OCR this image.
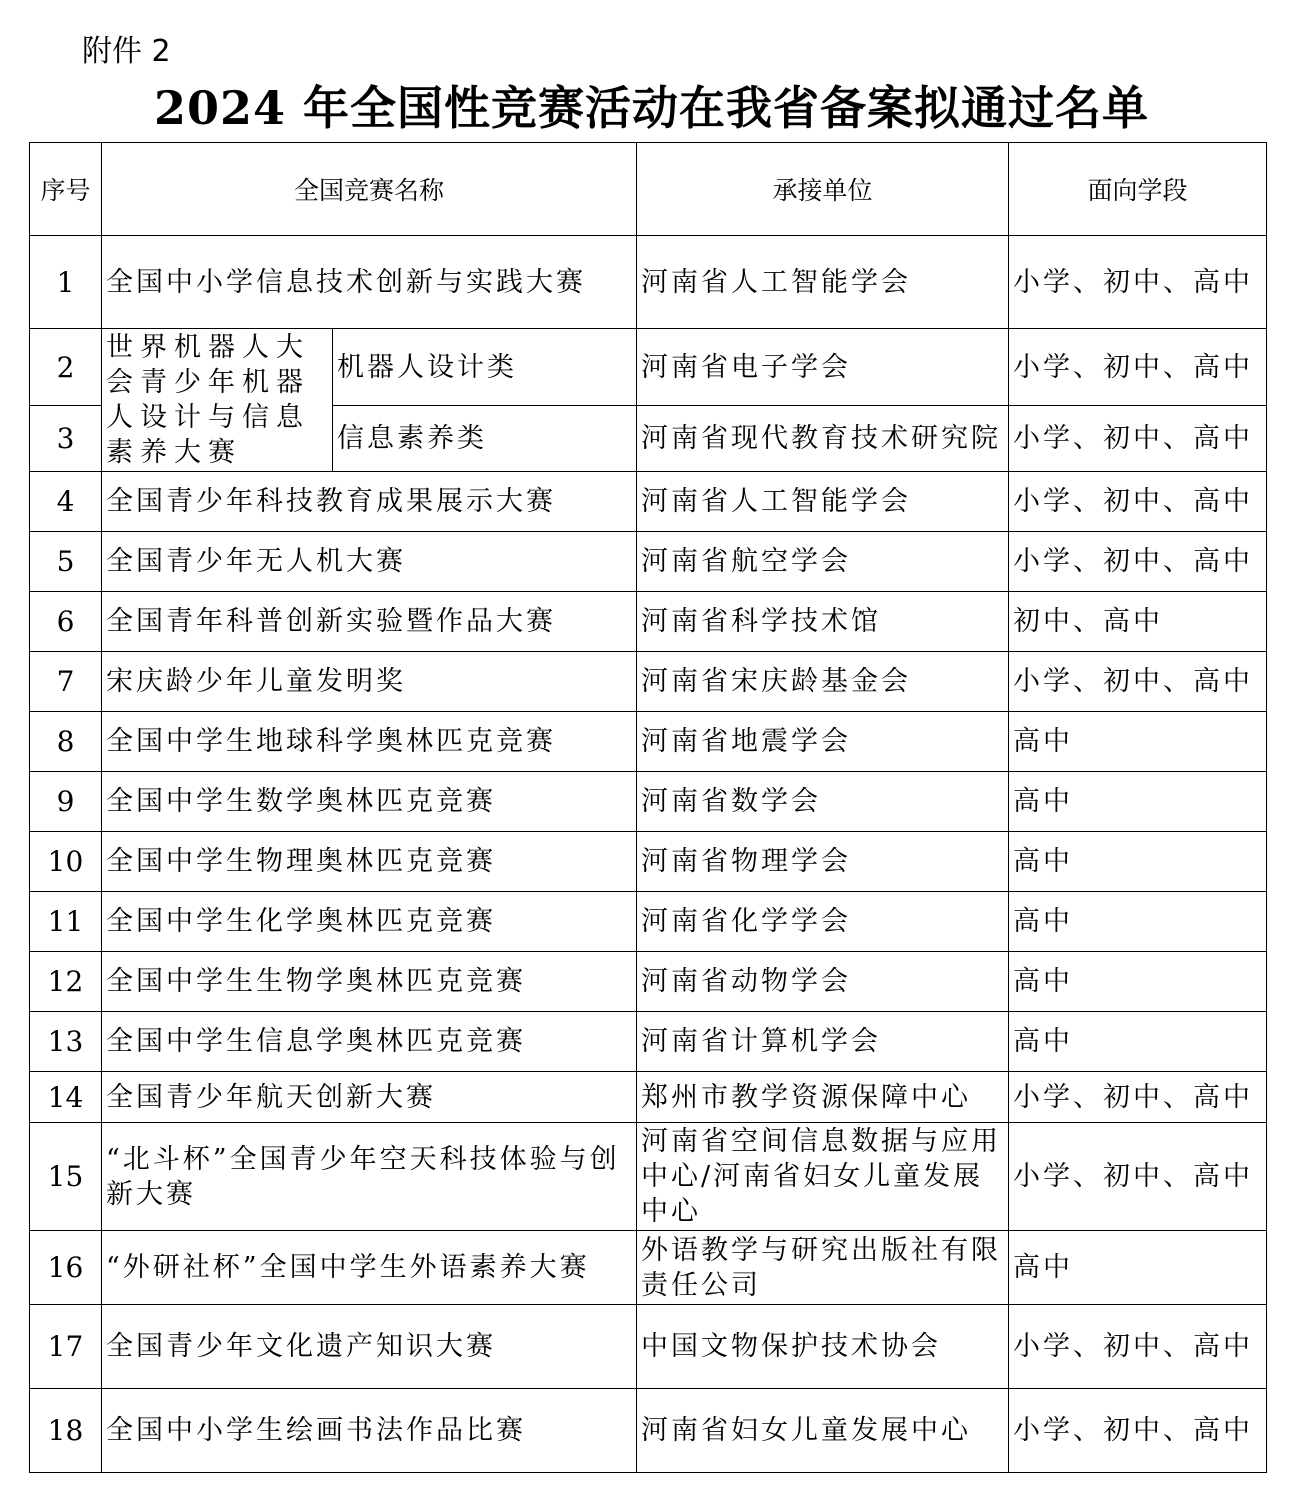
附件 2
2024 年全国性竞赛活动在我省备案拟通过名单
序号	全国竞赛名称		承接单位	面向学段
1	全国中小学信息技术创新与实践大赛		河南省人工智能学会	小学、初中、高中
2	世界机器人大会青少年机器人设计与信息素养大赛	机器人设计类	河南省电子学会	小学、初中、高中
3		信息素养类	河南省现代教育技术研究院	小学、初中、高中
4	全国青少年科技教育成果展示大赛		河南省人工智能学会	小学、初中、高中
5	全国青少年无人机大赛		河南省航空学会	小学、初中、高中
6	全国青年科普创新实验暨作品大赛		河南省科学技术馆	初中、高中
7	宋庆龄少年儿童发明奖		河南省宋庆龄基金会	小学、初中、高中
8	全国中学生地球科学奥林匹克竞赛		河南省地震学会	高中
9	全国中学生数学奥林匹克竞赛		河南省数学会	高中
10	全国中学生物理奥林匹克竞赛		河南省物理学会	高中
11	全国中学生化学奥林匹克竞赛		河南省化学学会	高中
12	全国中学生生物学奥林匹克竞赛		河南省动物学会	高中
13	全国中学生信息学奥林匹克竞赛		河南省计算机学会	高中
14	全国青少年航天创新大赛		郑州市教学资源保障中心	小学、初中、高中
15	“北斗杯”全国青少年空天科技体验与创新大赛		河南省空间信息数据与应用中心/河南省妇女儿童发展中心	小学、初中、高中
16	“外研社杯”全国中学生外语素养大赛		外语教学与研究出版社有限责任公司	高中
17	全国青少年文化遗产知识大赛		中国文物保护技术协会	小学、初中、高中
18	全国中小学生绘画书法作品比赛		河南省妇女儿童发展中心	小学、初中、高中
